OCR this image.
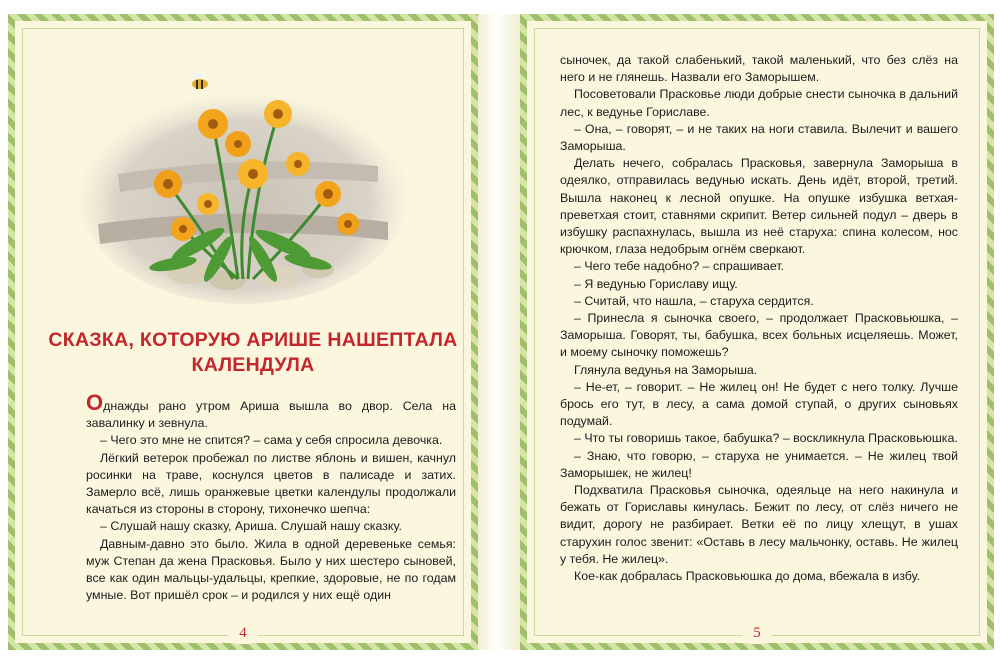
СКАЗКА, КОТОРУЮ АРИШЕ НАШЕПТАЛА
КАЛЕНДУЛА

Однажды рано утром Ариша вышла во двор. Села на завалинку и зевнула.

– Чего это мне не спится? – сама у себя спросила девочка.

Лёгкий ветерок пробежал по листве яблонь и вишен, качнул росинки на траве, коснулся цветов в палисаде и затих. Замерло всё, лишь оранжевые цветки календулы продолжали качаться из стороны в сторону, тихонечко шепча:

– Слушай нашу сказку, Ариша. Слушай нашу сказку.

Давным-давно это было. Жила в одной деревеньке семья: муж Степан да жена Прасковья. Было у них шестеро сыновей, все как один мальцы-удальцы, крепкие, здоровые, не по годам умные. Вот пришёл срок – и родился у них ещё один

4

сыночек, да такой слабенький, такой маленький, что без слёз на него и не глянешь. Назвали его Заморышем.

Посоветовали Прасковье люди добрые снести сыночка в дальний лес, к ведунье Гориславе.

– Она, – говорят, – и не таких на ноги ставила. Вылечит и вашего Заморыша.

Делать нечего, собралась Прасковья, завернула Заморыша в одеялко, отправилась ведунью искать. День идёт, второй, третий. Вышла наконец к лесной опушке. На опушке избушка ветхая-преветхая стоит, ставнями скрипит. Ветер сильней подул – дверь в избушку распахнулась, вышла из неё старуха: спина колесом, нос крючком, глаза недобрым огнём сверкают.

– Чего тебе надобно? – спрашивает.

– Я ведунью Гориславу ищу.

– Считай, что нашла, – старуха сердится.

– Принесла я сыночка своего, – продолжает Прасковьюшка, – Заморыша. Говорят, ты, бабушка, всех больных исцеляешь. Может, и моему сыночку поможешь?

Глянула ведунья на Заморыша.

– Не-ет, – говорит. – Не жилец он! Не будет с него толку. Лучше брось его тут, в лесу, а сама домой ступай, о других сыновьях подумай.

– Что ты говоришь такое, бабушка? – воскликнула Прасковьюшка.

– Знаю, что говорю, – старуха не унимается. – Не жилец твой Заморышек, не жилец!

Подхватила Прасковья сыночка, одеяльце на него накинула и бежать от Гориславы кинулась. Бежит по лесу, от слёз ничего не видит, дорогу не разбирает. Ветки её по лицу хлещут, в ушах старухин голос звенит: «Оставь в лесу мальчонку, оставь. Не жилец у тебя. Не жилец».

Кое-как добралась Прасковьюшка до дома, вбежала в избу.

5
